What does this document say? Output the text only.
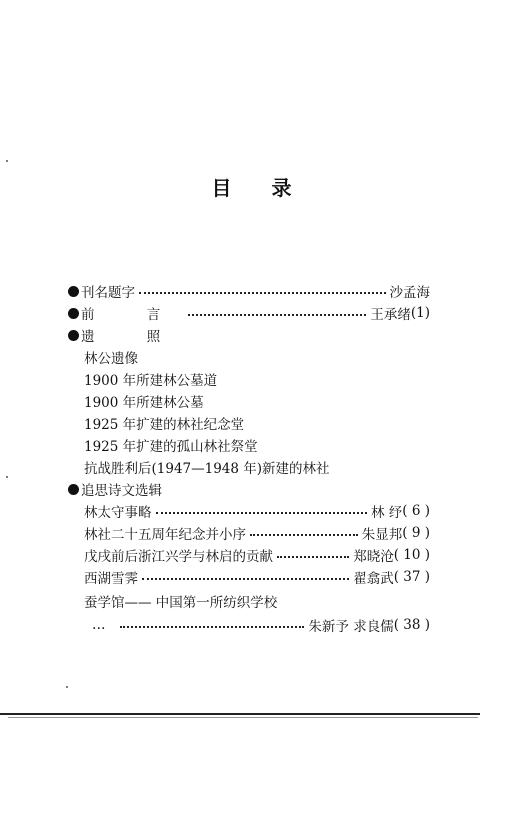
目 录
刊名题字	沙孟海
前 言	王承绪 (1)
遗 照
林公遗像
1900 年所建林公墓道
1900 年所建林公墓
1925 年扩建的林社纪念堂
1925 年扩建的孤山林社祭堂
抗战胜利后(1947—1948 年)新建的林社
追思诗文选辑
林太守事略	林 纾 ( 6 )
林社二十五周年纪念并小序	朱显邦 ( 9 )
戊戌前后浙江兴学与林启的贡献	郑晓沧 ( 10 )
西湖雪霁	翟翕武 ( 37 )
蚕学馆—— 中国第一所纺织学校
…	朱新予 求良儒 ( 38 )
